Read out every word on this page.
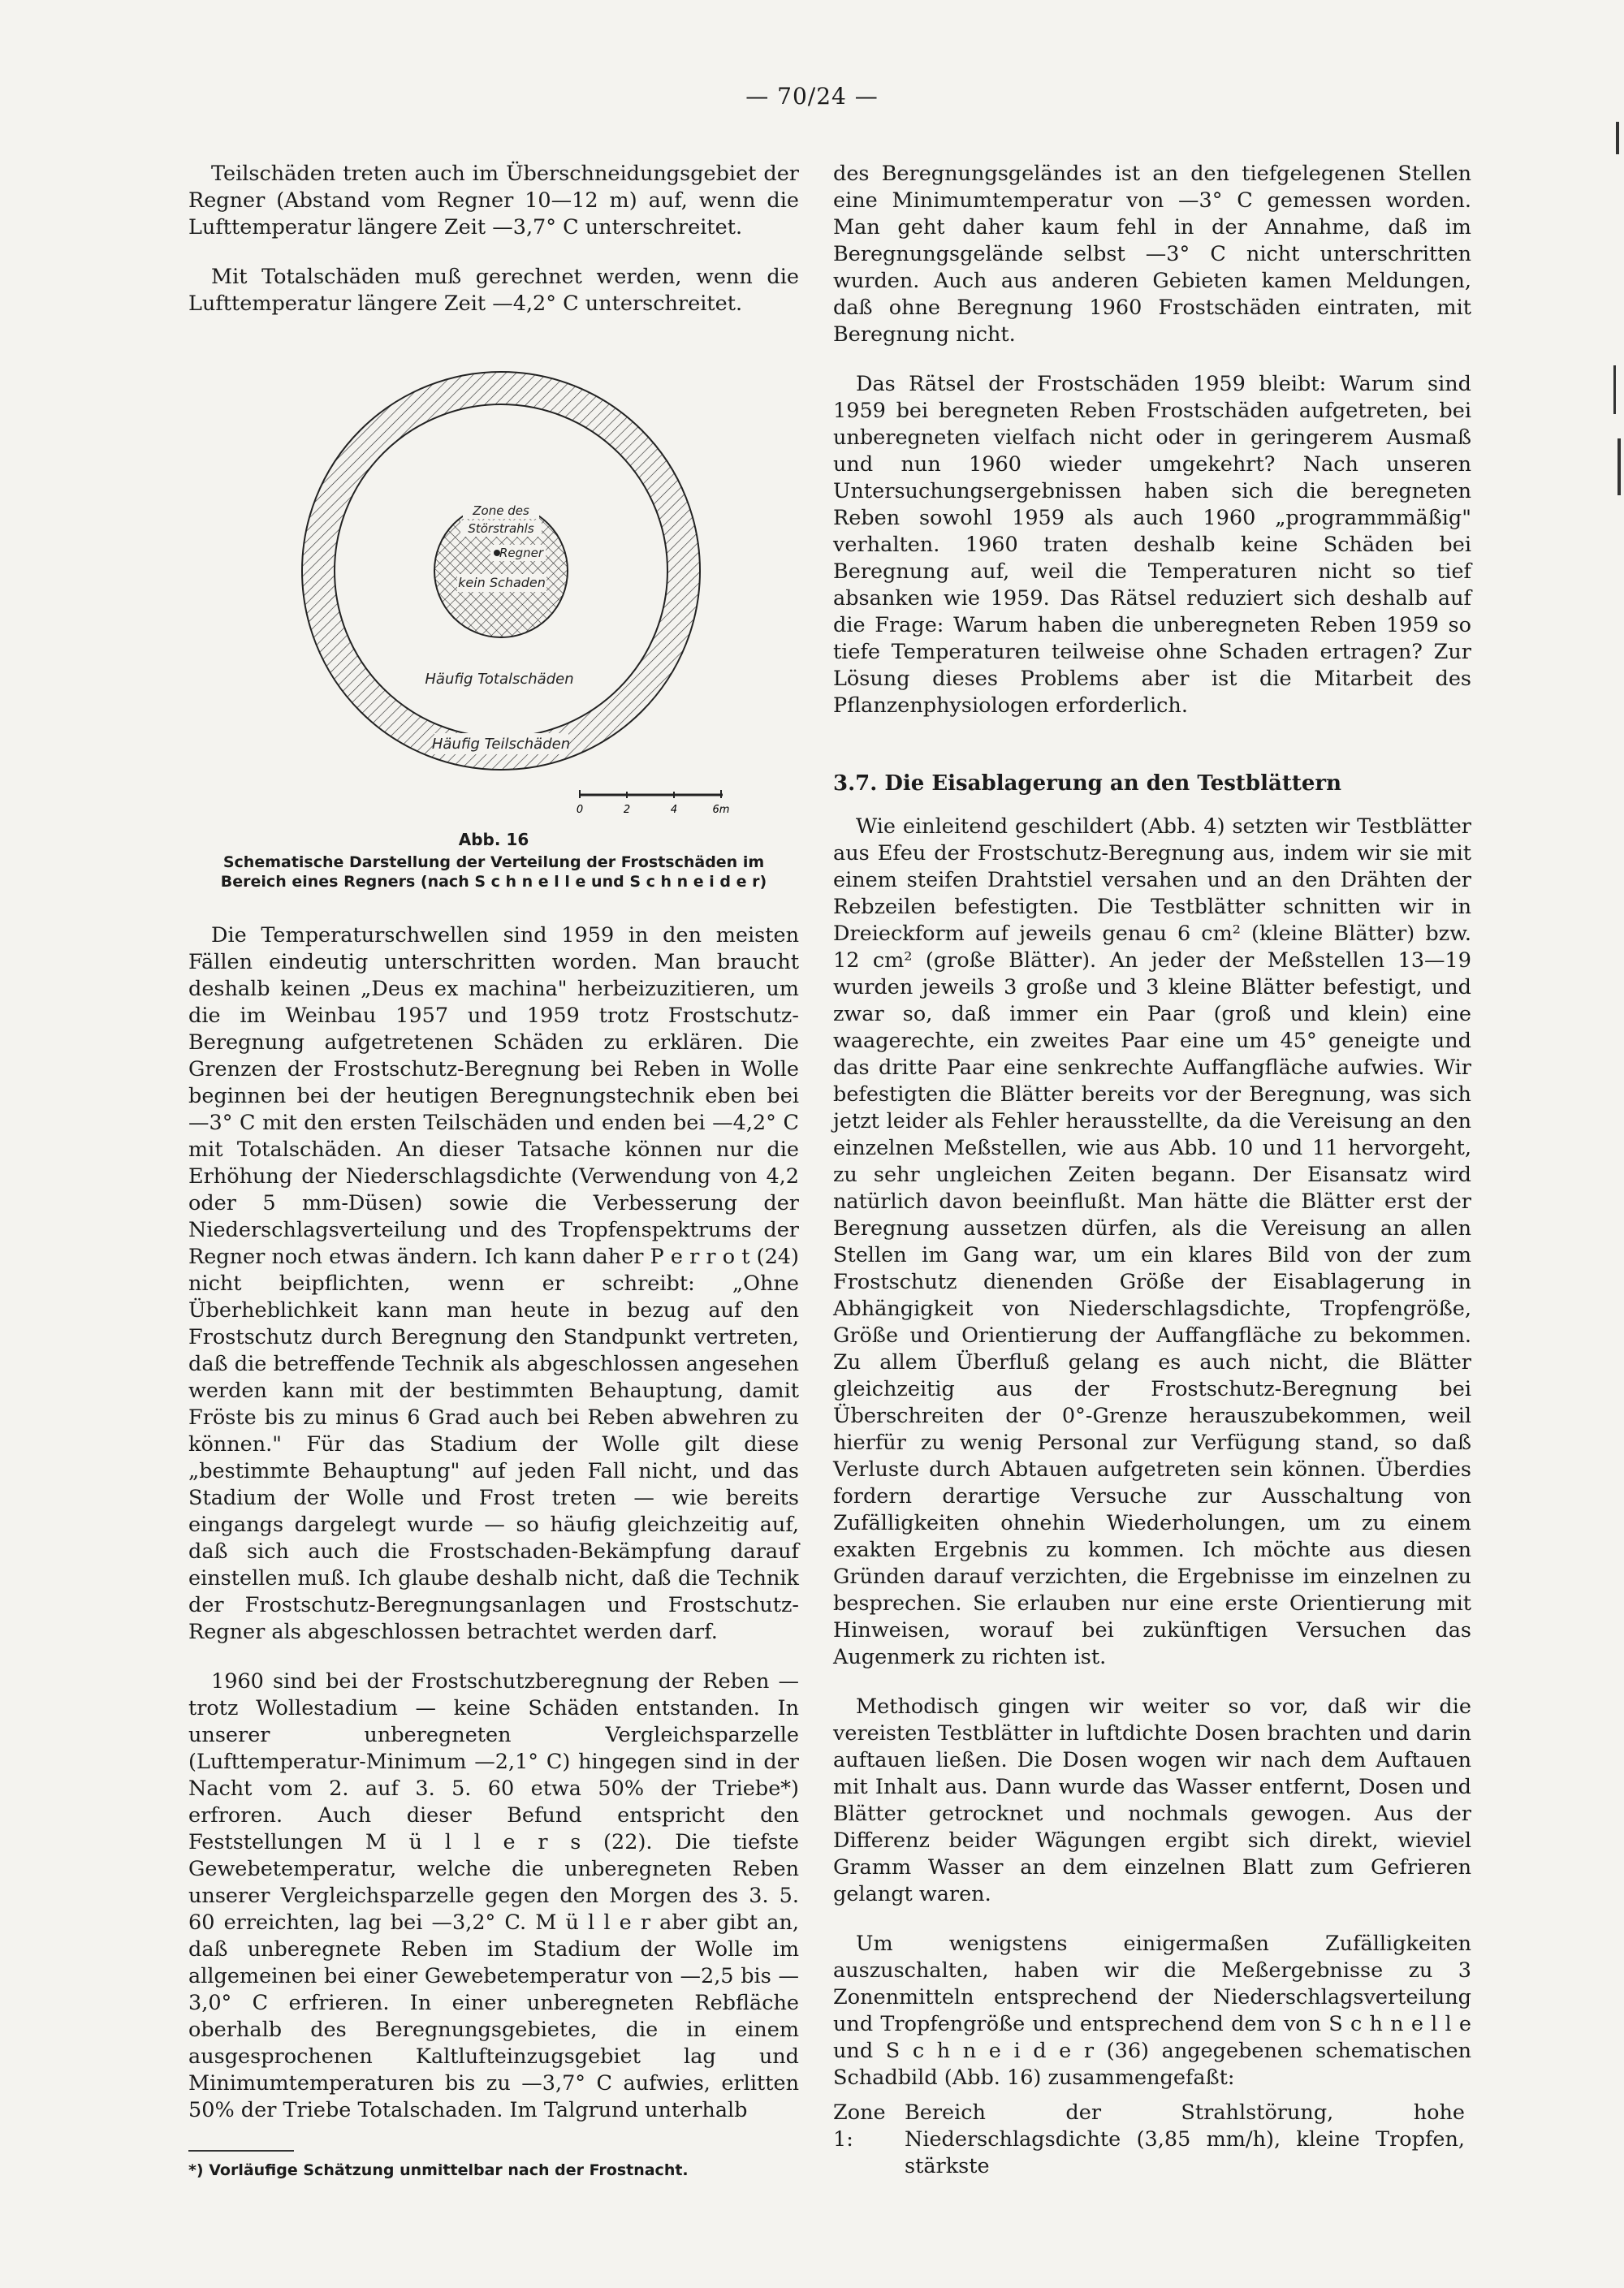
— 70/24 —

Teilschäden treten auch im Überschneidungsgebiet der Regner (Abstand vom Regner 10—12 m) auf, wenn die Lufttemperatur längere Zeit —3,7° C unterschreitet.

Mit Totalschäden muß gerechnet werden, wenn die Lufttemperatur längere Zeit —4,2° C unterschreitet.

Zone des
Störstrahls
Regner
kein Schaden
Häufig Totalschäden
Häufig Teilschäden
0	2	4	6m
Abb. 16
Schematische Darstellung der Verteilung der Frostschäden im Bereich eines Regners (nach S c h n e l l e und S c h n e i d e r)

Die Temperaturschwellen sind 1959 in den meisten Fällen eindeutig unterschritten worden. Man braucht deshalb keinen „Deus ex machina" herbeizuzitieren, um die im Weinbau 1957 und 1959 trotz Frostschutz-Beregnung aufgetretenen Schäden zu erklären. Die Grenzen der Frostschutz-Beregnung bei Reben in Wolle beginnen bei der heutigen Beregnungstechnik eben bei —3° C mit den ersten Teilschäden und enden bei —4,2° C mit Totalschäden. An dieser Tatsache können nur die Erhöhung der Niederschlagsdichte (Verwendung von 4,2 oder 5 mm-Düsen) sowie die Verbesserung der Niederschlagsverteilung und des Tropfenspektrums der Regner noch etwas ändern. Ich kann daher P e r r o t (24) nicht beipflichten, wenn er schreibt: „Ohne Überheblichkeit kann man heute in bezug auf den Frostschutz durch Beregnung den Standpunkt vertreten, daß die betreffende Technik als abgeschlossen angesehen werden kann mit der bestimmten Behauptung, damit Fröste bis zu minus 6 Grad auch bei Reben abwehren zu können." Für das Stadium der Wolle gilt diese „bestimmte Behauptung" auf jeden Fall nicht, und das Stadium der Wolle und Frost treten — wie bereits eingangs dargelegt wurde — so häufig gleichzeitig auf, daß sich auch die Frostschaden-Bekämpfung darauf einstellen muß. Ich glaube deshalb nicht, daß die Technik der Frostschutz-Beregnungsanlagen und Frostschutz-Regner als abgeschlossen betrachtet werden darf.

1960 sind bei der Frostschutzberegnung der Reben — trotz Wollestadium — keine Schäden entstanden. In unserer unberegneten Vergleichsparzelle (Lufttemperatur-Minimum —2,1° C) hingegen sind in der Nacht vom 2. auf 3. 5. 60 etwa 50% der Triebe*) erfroren. Auch dieser Befund entspricht den Feststellungen M ü l l e r s (22). Die tiefste Gewebetemperatur, welche die unberegneten Reben unserer Vergleichsparzelle gegen den Morgen des 3. 5. 60 erreichten, lag bei —3,2° C. M ü l l e r aber gibt an, daß unberegnete Reben im Stadium der Wolle im allgemeinen bei einer Gewebetemperatur von —2,5 bis —3,0° C erfrieren. In einer unberegneten Rebfläche oberhalb des Beregnungsgebietes, die in einem ausgesprochenen Kaltlufteinzugsgebiet lag und Minimumtemperaturen bis zu —3,7° C aufwies, erlitten 50% der Triebe Totalschaden. Im Talgrund unterhalb

*) Vorläufige Schätzung unmittelbar nach der Frostnacht.

des Beregnungsgeländes ist an den tiefgelegenen Stellen eine Minimumtemperatur von —3° C gemessen worden. Man geht daher kaum fehl in der Annahme, daß im Beregnungsgelände selbst —3° C nicht unterschritten wurden. Auch aus anderen Gebieten kamen Meldungen, daß ohne Beregnung 1960 Frostschäden eintraten, mit Beregnung nicht.

Das Rätsel der Frostschäden 1959 bleibt: Warum sind 1959 bei beregneten Reben Frostschäden aufgetreten, bei unberegneten vielfach nicht oder in geringerem Ausmaß und nun 1960 wieder umgekehrt? Nach unseren Untersuchungsergebnissen haben sich die beregneten Reben sowohl 1959 als auch 1960 „programmmäßig" verhalten. 1960 traten deshalb keine Schäden bei Beregnung auf, weil die Temperaturen nicht so tief absanken wie 1959. Das Rätsel reduziert sich deshalb auf die Frage: Warum haben die unberegneten Reben 1959 so tiefe Temperaturen teilweise ohne Schaden ertragen? Zur Lösung dieses Problems aber ist die Mitarbeit des Pflanzenphysiologen erforderlich.

3.7. Die Eisablagerung an den Testblättern

Wie einleitend geschildert (Abb. 4) setzten wir Testblätter aus Efeu der Frostschutz-Beregnung aus, indem wir sie mit einem steifen Drahtstiel versahen und an den Drähten der Rebzeilen befestigten. Die Testblätter schnitten wir in Dreieckform auf jeweils genau 6 cm² (kleine Blätter) bzw. 12 cm² (große Blätter). An jeder der Meßstellen 13—19 wurden jeweils 3 große und 3 kleine Blätter befestigt, und zwar so, daß immer ein Paar (groß und klein) eine waagerechte, ein zweites Paar eine um 45° geneigte und das dritte Paar eine senkrechte Auffangfläche aufwies. Wir befestigten die Blätter bereits vor der Beregnung, was sich jetzt leider als Fehler herausstellte, da die Vereisung an den einzelnen Meßstellen, wie aus Abb. 10 und 11 hervorgeht, zu sehr ungleichen Zeiten begann. Der Eisansatz wird natürlich davon beeinflußt. Man hätte die Blätter erst der Beregnung aussetzen dürfen, als die Vereisung an allen Stellen im Gang war, um ein klares Bild von der zum Frostschutz dienenden Größe der Eisablagerung in Abhängigkeit von Niederschlagsdichte, Tropfengröße, Größe und Orientierung der Auffangfläche zu bekommen. Zu allem Überfluß gelang es auch nicht, die Blätter gleichzeitig aus der Frostschutz-Beregnung bei Überschreiten der 0°-Grenze herauszubekommen, weil hierfür zu wenig Personal zur Verfügung stand, so daß Verluste durch Abtauen aufgetreten sein können. Überdies fordern derartige Versuche zur Ausschaltung von Zufälligkeiten ohnehin Wiederholungen, um zu einem exakten Ergebnis zu kommen. Ich möchte aus diesen Gründen darauf verzichten, die Ergebnisse im einzelnen zu besprechen. Sie erlauben nur eine erste Orientierung mit Hinweisen, worauf bei zukünftigen Versuchen das Augenmerk zu richten ist.

Methodisch gingen wir weiter so vor, daß wir die vereisten Testblätter in luftdichte Dosen brachten und darin auftauen ließen. Die Dosen wogen wir nach dem Auftauen mit Inhalt aus. Dann wurde das Wasser entfernt, Dosen und Blätter getrocknet und nochmals gewogen. Aus der Differenz beider Wägungen ergibt sich direkt, wieviel Gramm Wasser an dem einzelnen Blatt zum Gefrieren gelangt waren.

Um wenigstens einigermaßen Zufälligkeiten auszuschalten, haben wir die Meßergebnisse zu 3 Zonenmitteln entsprechend der Niederschlagsverteilung und Tropfengröße und entsprechend dem von S c h n e l l e und S c h n e i d e r (36) angegebenen schematischen Schadbild (Abb. 16) zusammengefaßt:

Zone 1:Bereich der Strahlstörung, hohe Niederschlagsdichte (3,85 mm/h), kleine Tropfen, stärkste
